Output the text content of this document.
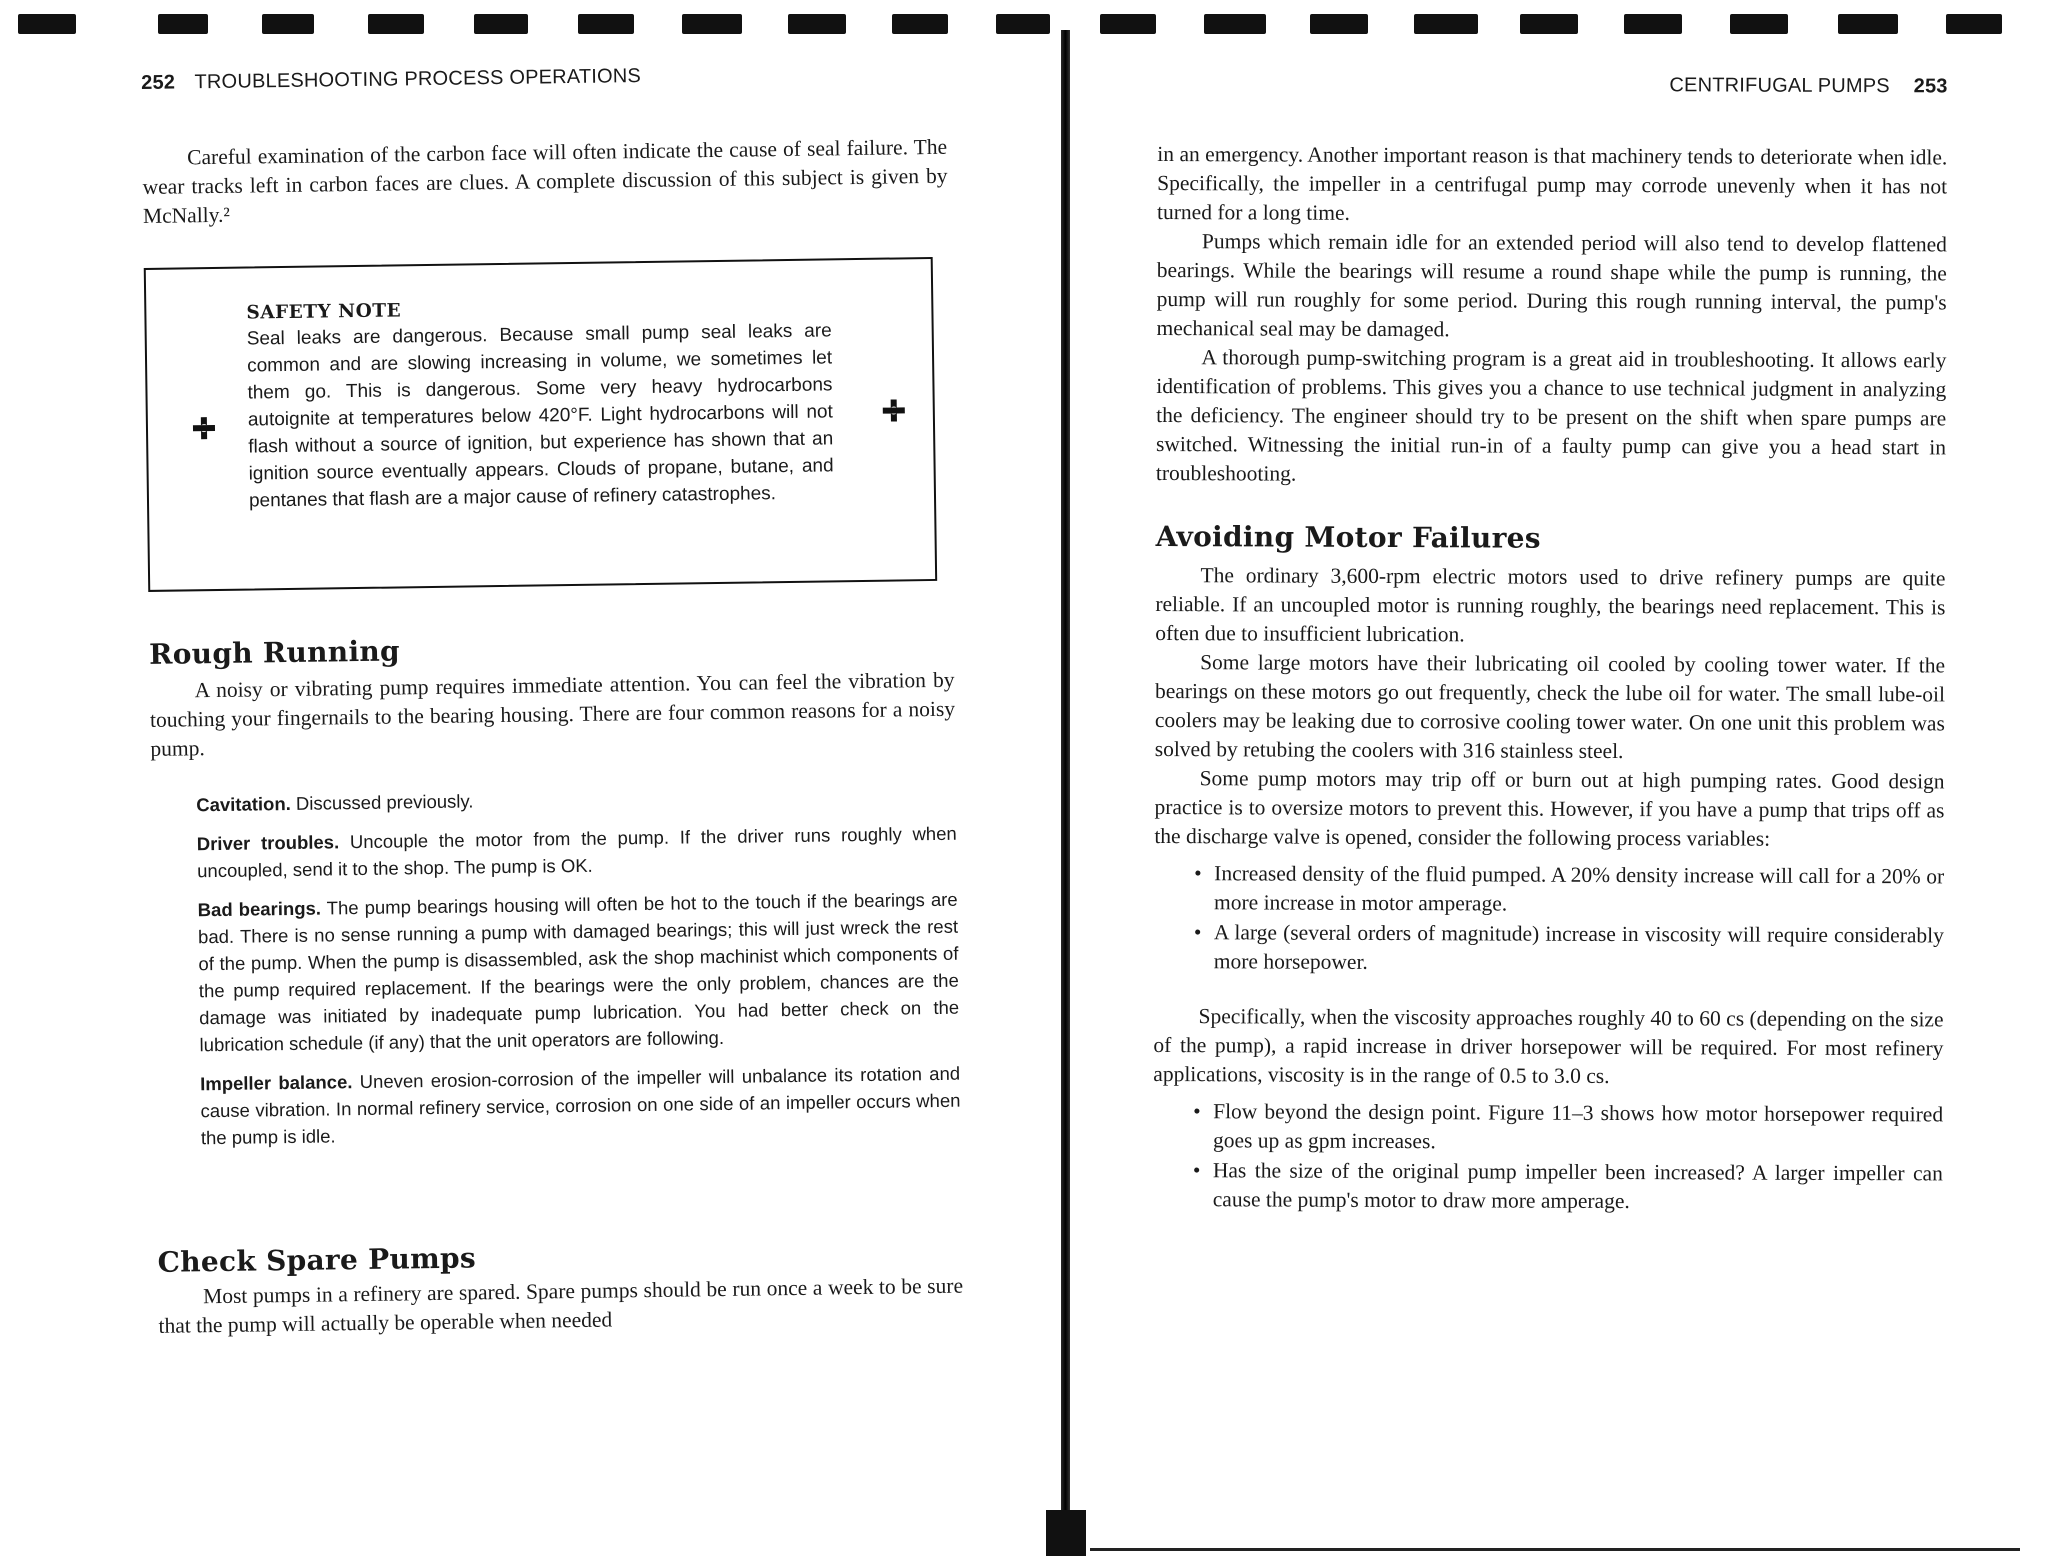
252 TROUBLESHOOTING PROCESS OPERATIONS

Careful examination of the carbon face will often indicate the cause of seal failure. The wear tracks left in carbon faces are clues. A complete discussion of this subject is given by McNally.²

SAFETY NOTE
Seal leaks are dangerous. Because small pump seal leaks are common and are slowing increasing in volume, we sometimes let them go. This is dangerous. Some very heavy hydrocarbons autoignite at temperatures below 420°F. Light hydrocarbons will not flash without a source of ignition, but experience has shown that an ignition source eventually appears. Clouds of propane, butane, and pentanes that flash are a major cause of refinery catastrophes.
Rough Running

A noisy or vibrating pump requires immediate attention. You can feel the vibration by touching your fingernails to the bearing housing. There are four common reasons for a noisy pump.

Cavitation. Discussed previously.

Driver troubles. Uncouple the motor from the pump. If the driver runs roughly when uncoupled, send it to the shop. The pump is OK.

Bad bearings. The pump bearings housing will often be hot to the touch if the bearings are bad. There is no sense running a pump with damaged bearings; this will just wreck the rest of the pump. When the pump is disassembled, ask the shop machinist which components of the pump required replacement. If the bearings were the only problem, chances are the damage was initiated by inadequate pump lubrication. You had better check on the lubrication schedule (if any) that the unit operators are following.

Impeller balance. Uneven erosion-corrosion of the impeller will unbalance its rotation and cause vibration. In normal refinery service, corrosion on one side of an impeller occurs when the pump is idle.

Check Spare Pumps

Most pumps in a refinery are spared. Spare pumps should be run once a week to be sure that the pump will actually be operable when needed

CENTRIFUGAL PUMPS 253

in an emergency. Another important reason is that machinery tends to deteriorate when idle. Specifically, the impeller in a centrifugal pump may corrode unevenly when it has not turned for a long time.

Pumps which remain idle for an extended period will also tend to develop flattened bearings. While the bearings will resume a round shape while the pump is running, the pump will run roughly for some period. During this rough running interval, the pump's mechanical seal may be damaged.

A thorough pump-switching program is a great aid in troubleshooting. It allows early identification of problems. This gives you a chance to use technical judgment in analyzing the deficiency. The engineer should try to be present on the shift when spare pumps are switched. Witnessing the initial run-in of a faulty pump can give you a head start in troubleshooting.

Avoiding Motor Failures

The ordinary 3,600-rpm electric motors used to drive refinery pumps are quite reliable. If an uncoupled motor is running roughly, the bearings need replacement. This is often due to insufficient lubrication.

Some large motors have their lubricating oil cooled by cooling tower water. If the bearings on these motors go out frequently, check the lube oil for water. The small lube-oil coolers may be leaking due to corrosive cooling tower water. On one unit this problem was solved by retubing the coolers with 316 stainless steel.

Some pump motors may trip off or burn out at high pumping rates. Good design practice is to oversize motors to prevent this. However, if you have a pump that trips off as the discharge valve is opened, consider the following process variables:

• Increased density of the fluid pumped. A 20% density increase will call for a 20% or more increase in motor amperage.
• A large (several orders of magnitude) increase in viscosity will require considerably more horsepower.

Specifically, when the viscosity approaches roughly 40 to 60 cs (depending on the size of the pump), a rapid increase in driver horsepower will be required. For most refinery applications, viscosity is in the range of 0.5 to 3.0 cs.

• Flow beyond the design point. Figure 11–3 shows how motor horsepower required goes up as gpm increases.
• Has the size of the original pump impeller been increased? A larger impeller can cause the pump's motor to draw more amperage.
